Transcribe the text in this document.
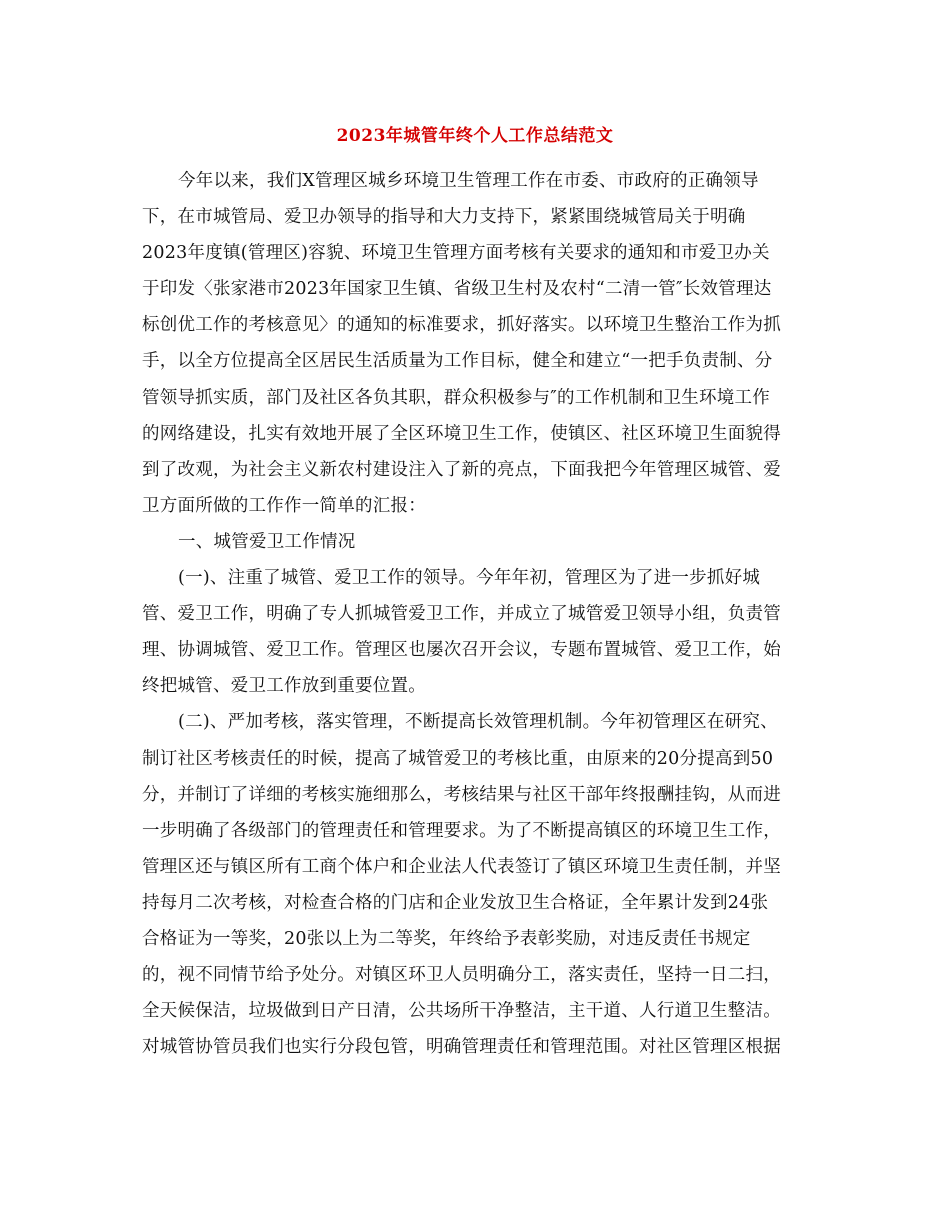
2023年城管年终个人工作总结范文
今年以来，我们X管理区城乡环境卫生管理工作在市委、市政府的正确领导
下，在市城管局、爱卫办领导的指导和大力支持下，紧紧围绕城管局关于明确
2023年度镇(管理区)容貌、环境卫生管理方面考核有关要求的通知和市爱卫办关
于印发〈张家港市2023年国家卫生镇、省级卫生村及农村“二清一管″长效管理达
标创优工作的考核意见〉的通知的标准要求，抓好落实。以环境卫生整治工作为抓
手，以全方位提高全区居民生活质量为工作目标，健全和建立“一把手负责制、分
管领导抓实质，部门及社区各负其职，群众积极参与″的工作机制和卫生环境工作
的网络建设，扎实有效地开展了全区环境卫生工作，使镇区、社区环境卫生面貌得
到了改观，为社会主义新农村建设注入了新的亮点，下面我把今年管理区城管、爱
卫方面所做的工作作一简单的汇报：
一、城管爱卫工作情况
(一)、注重了城管、爱卫工作的领导。今年年初，管理区为了进一步抓好城
管、爱卫工作，明确了专人抓城管爱卫工作，并成立了城管爱卫领导小组，负责管
理、协调城管、爱卫工作。管理区也屡次召开会议，专题布置城管、爱卫工作，始
终把城管、爱卫工作放到重要位置。
(二)、严加考核，落实管理，不断提高长效管理机制。今年初管理区在研究、
制订社区考核责任的时候，提高了城管爱卫的考核比重，由原来的20分提高到50
分，并制订了详细的考核实施细那么，考核结果与社区干部年终报酬挂钩，从而进
一步明确了各级部门的管理责任和管理要求。为了不断提高镇区的环境卫生工作，
管理区还与镇区所有工商个体户和企业法人代表签订了镇区环境卫生责任制，并坚
持每月二次考核，对检查合格的门店和企业发放卫生合格证，全年累计发到24张
合格证为一等奖，20张以上为二等奖，年终给予表彰奖励，对违反责任书规定
的，视不同情节给予处分。对镇区环卫人员明确分工，落实责任，坚持一日二扫，
全天候保洁，垃圾做到日产日清，公共场所干净整洁，主干道、人行道卫生整洁。
对城管协管员我们也实行分段包管，明确管理责任和管理范围。对社区管理区根据
